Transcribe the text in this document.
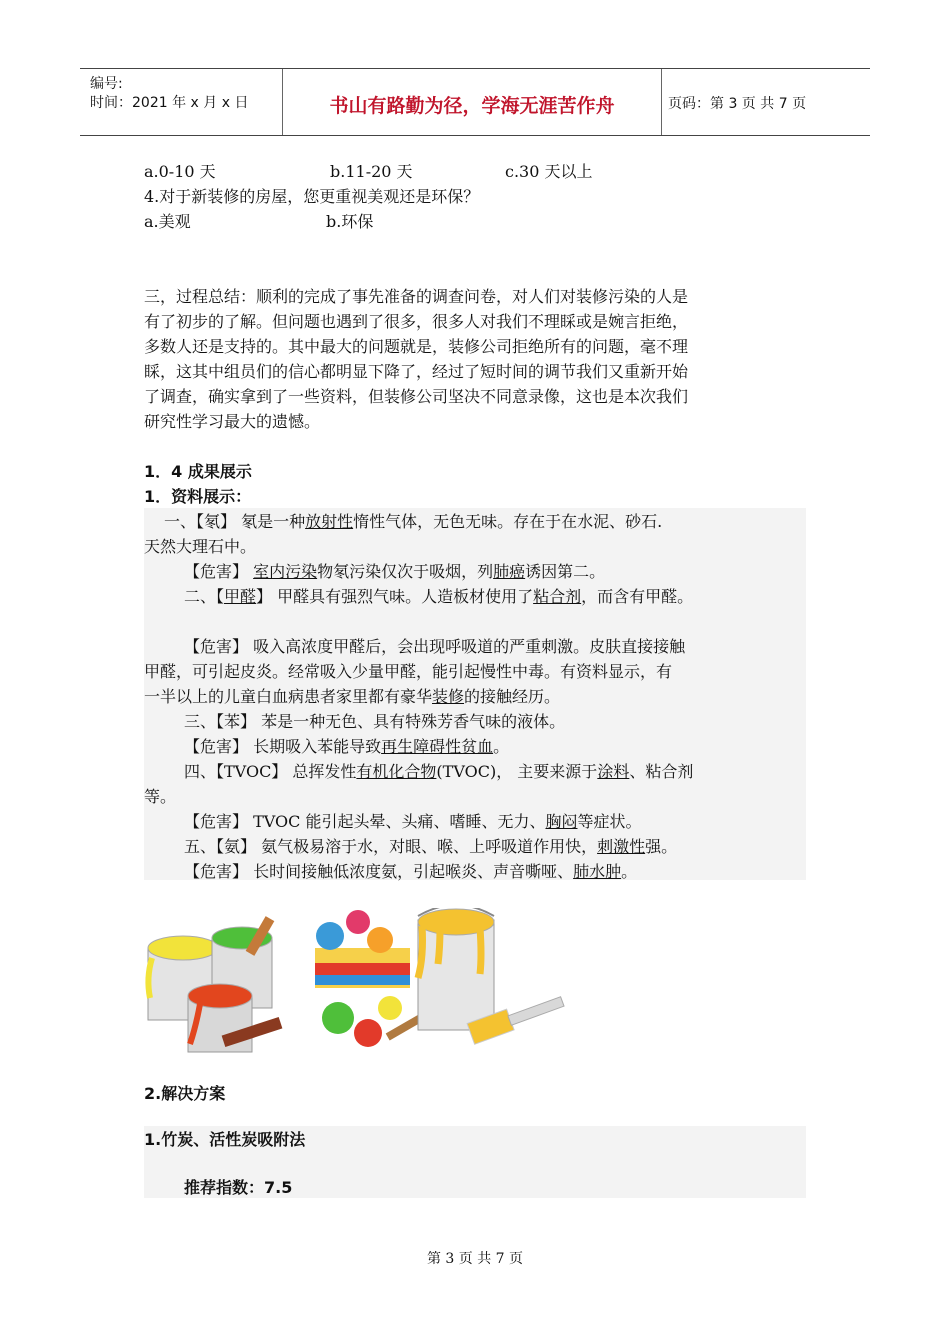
编号:
时间：2021 年 x 月 x 日	书山有路勤为径，学海无涯苦作舟	页码：第 3 页 共 7 页
a.0-10 天	b.11-20 天	c.30 天以上
4.对于新装修的房屋，您更重视美观还是环保？
a.美观	b.环保
三，过程总结：顺利的完成了事先准备的调查问卷，对人们对装修污染的人是
有了初步的了解。但问题也遇到了很多，很多人对我们不理睬或是婉言拒绝，
多数人还是支持的。其中最大的问题就是，装修公司拒绝所有的问题，毫不理
睬，这其中组员们的信心都明显下降了，经过了短时间的调节我们又重新开始
了调查，确实拿到了一些资料，但装修公司坚决不同意录像，这也是本次我们
研究性学习最大的遗憾。
1．4 成果展示
1．资料展示：
一、【氡】 氡是一种放射性惰性气体，无色无味。存在于在水泥、砂石.
天然大理石中。
【危害】 室内污染物氡污染仅次于吸烟，列肺癌诱因第二。
二、【甲醛】 甲醛具有强烈气味。人造板材使用了粘合剂，而含有甲醛。
【危害】 吸入高浓度甲醛后，会出现呼吸道的严重刺激。皮肤直接接触
甲醛，可引起皮炎。经常吸入少量甲醛，能引起慢性中毒。有资料显示，有
一半以上的儿童白血病患者家里都有豪华装修的接触经历。
三、【苯】 苯是一种无色、具有特殊芳香气味的液体。
【危害】 长期吸入苯能导致再生障碍性贫血。
四、【TVOC】 总挥发性有机化合物(TVOC)， 主要来源于涂料、粘合剂
等。
【危害】 TVOC 能引起头晕、头痛、嗜睡、无力、胸闷等症状。
五、【氨】 氨气极易溶于水，对眼、喉、上呼吸道作用快，刺激性强。
【危害】 长时间接触低浓度氨，引起喉炎、声音嘶哑、肺水肿。
2.解决方案
1.竹炭、活性炭吸附法
推荐指数：7.5
第 3 页 共 7 页
